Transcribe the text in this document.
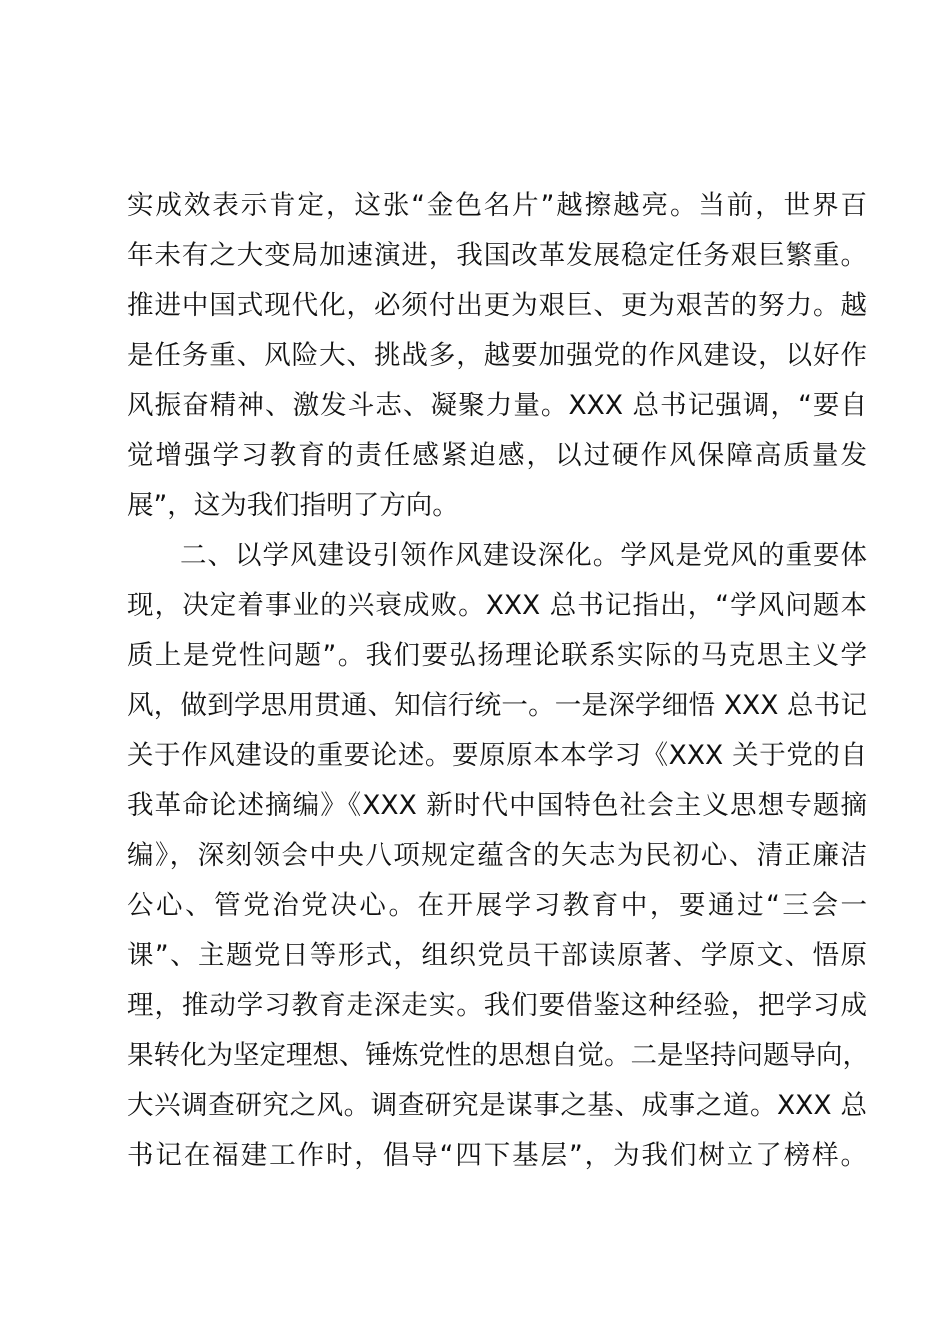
实成效表示肯定，这张“金色名片”越擦越亮。当前，世界百
年未有之大变局加速演进，我国改革发展稳定任务艰巨繁重。
推进中国式现代化，必须付出更为艰巨、更为艰苦的努力。越
是任务重、风险大、挑战多，越要加强党的作风建设，以好作
风振奋精神、激发斗志、凝聚力量。XXX 总书记强调，“要自
觉增强学习教育的责任感紧迫感，以过硬作风保障高质量发
展”，这为我们指明了方向。
二、以学风建设引领作风建设深化。学风是党风的重要体
现，决定着事业的兴衰成败。XXX 总书记指出，“学风问题本
质上是党性问题”。我们要弘扬理论联系实际的马克思主义学
风，做到学思用贯通、知信行统一。一是深学细悟 XXX 总书记
关于作风建设的重要论述。要原原本本学习《XXX 关于党的自
我革命论述摘编》《XXX 新时代中国特色社会主义思想专题摘
编》，深刻领会中央八项规定蕴含的矢志为民初心、清正廉洁
公心、管党治党决心。在开展学习教育中，要通过“三会一
课”、主题党日等形式，组织党员干部读原著、学原文、悟原
理，推动学习教育走深走实。我们要借鉴这种经验，把学习成
果转化为坚定理想、锤炼党性的思想自觉。二是坚持问题导向，
大兴调查研究之风。调查研究是谋事之基、成事之道。XXX 总
书记在福建工作时，倡导“四下基层”，为我们树立了榜样。
